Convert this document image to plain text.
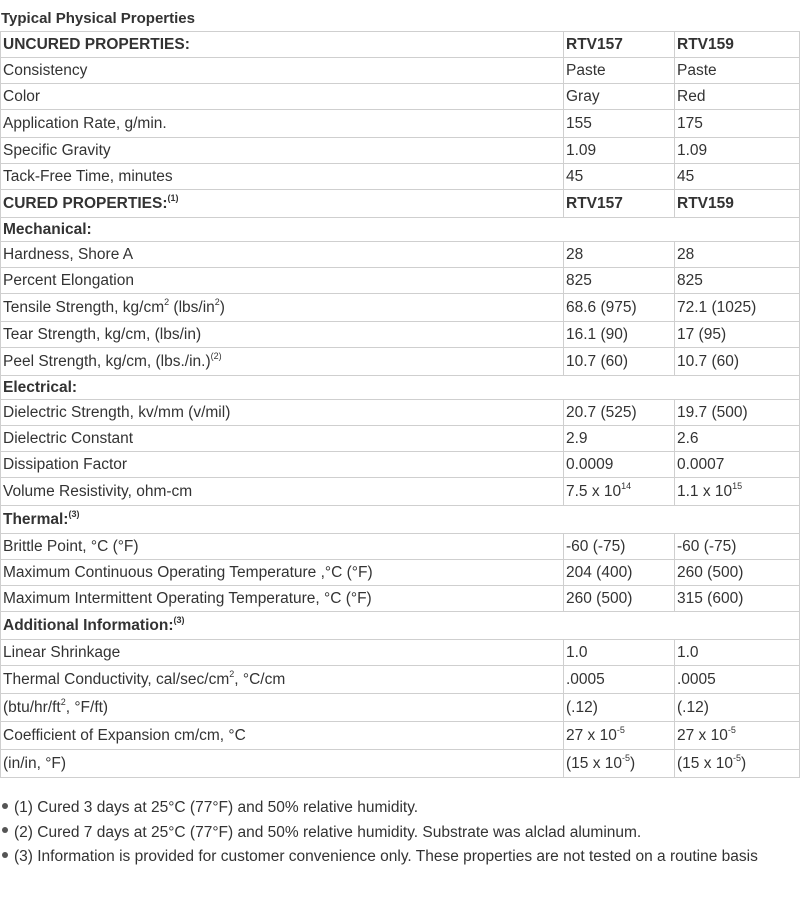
Typical Physical Properties
UNCURED PROPERTIES:	RTV157	RTV159
Consistency	Paste	Paste
Color	Gray	Red
Application Rate, g/min.	155	175
Specific Gravity	1.09	1.09
Tack-Free Time, minutes	45	45
CURED PROPERTIES:$^{(1)}$	RTV157	RTV159
Mechanical:		
Hardness, Shore A	28	28
Percent Elongation	825	825
Tensile Strength, $kg/cm^2$ $(lbs/in^2)$	68.6 (975)	72.1 (1025)
Tear Strength, kg/cm, (lbs/in)	16.1 (90)	17 (95)
Peel Strength, kg/cm, $(lbs./in.)^{(2)}$	10.7 (60)	10.7 (60)
Electrical:		
Dielectric Strength, kv/mm (v/mil)	20.7 (525)	19.7 (500)
Dielectric Constant	2.9	2.6
Dissipation Factor	0.0009	0.0007
Volume Resistivity, ohm-cm	7.5 x $10^{14}$	1.1 x $10^{15}$
Thermal:$^{(3)}$
Brittle Point, °C (°F)	-60 (-75)	-60 (-75)
Maximum Continuous Operating Temperature ,°C (°F)	204 (400)	260 (500)
Maximum Intermittent Operating Temperature, °C (°F)	260 (500)	315 (600)
Additional Information:$^{(3)}$
Linear Shrinkage	1.0	1.0
Thermal Conductivity, cal/$\sec/cm^2$, °C/cm	.0005	.0005
($btu/hr/ft^2$, °F/ft)	(.12)	(.12)
Coefficient of Expansion cm/cm, °C	27 x $10^{-5}$	27 x $10^{-5}$
(in/in, °F)	(15 x $10^{-5}$)	(15 x $10^{-5}$)
(1) Cured 3 days at 25°C (77°F) and 50% relative humidity.
(2) Cured 7 days at 25°C (77°F) and 50% relative humidity. Substrate was alclad aluminum.
(3) Information is provided for customer convenience only. These properties are not tested on a routine basis
